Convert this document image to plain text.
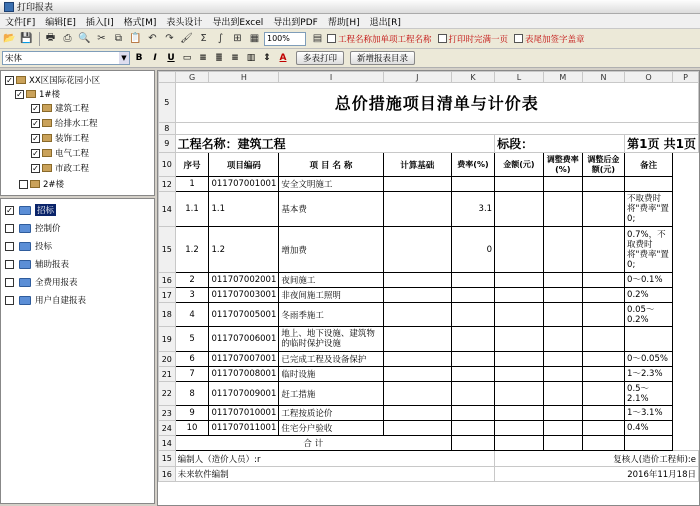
打印报表
文件[F]	编辑[E]	插入[I]	格式[M]	表头设计	导出到Excel	导出到PDF	帮助[H]	退出[R]
📂 💾 🖶 ⎙ 🔍 ✂ ⧉ 📋 ↶ ↷ 🖌 Σ	∫	⊞ ▦ 100%	▤	工程名称加单项工程名称 打印时完满一页 表尾加签字盖章
宋体	▼ B	I	U ▭ ≡ ≣ ≡ ▥ ⇕ A	多表打印	新增报表目录
✓ XX区国际花园小区
✓ 1#楼
✓ 建筑工程
✓ 给排水工程
✓ 装饰工程
✓ 电气工程
✓ 市政工程
2#楼
✓	招标
控制价
投标
辅助报表
全费用报表
用户自建报表
	G	H	I	J	K	L	M	N	O	P
5	总价措施项目清单与计价表									
8										
9	工程名称：建筑工程					标段：			第1页 共1页	
10	序号	项目编码	项 目 名 称	计算基础	费率(%)	金额(元)	调整费率(%)	调整后金额(元)	备注	
12	1	011707001001	安全文明施工							
14	1.1	1.1	基本费		3.1				不取费时将"费率"置0;	
15	1.2	1.2	增加费		0				0.7%，不取费时将"费率"置0;	
16	2	011707002001	夜间施工						0～0.1%	
17	3	011707003001	非夜间施工照明						0.2%	
18	4	011707005001	冬雨季施工						0.05～0.2%	
19	5	011707006001	地上、地下设施、建筑物的临时保护设施							
20	6	011707007001	已完成工程及设备保护						0～0.05%	
21	7	011707008001	临时设施						1～2.3%	
22	8	011707009001	赶工措施						0.5～2.1%	
23	9	011707010001	工程按质论价						1～3.1%	
24	10	011707011001	住宅分户验收						0.4%	
14	合 计									
15	编制人（造价人员）:r					复核人(造价工程师):e				
16	未来软件编制					2016年11月18日				
